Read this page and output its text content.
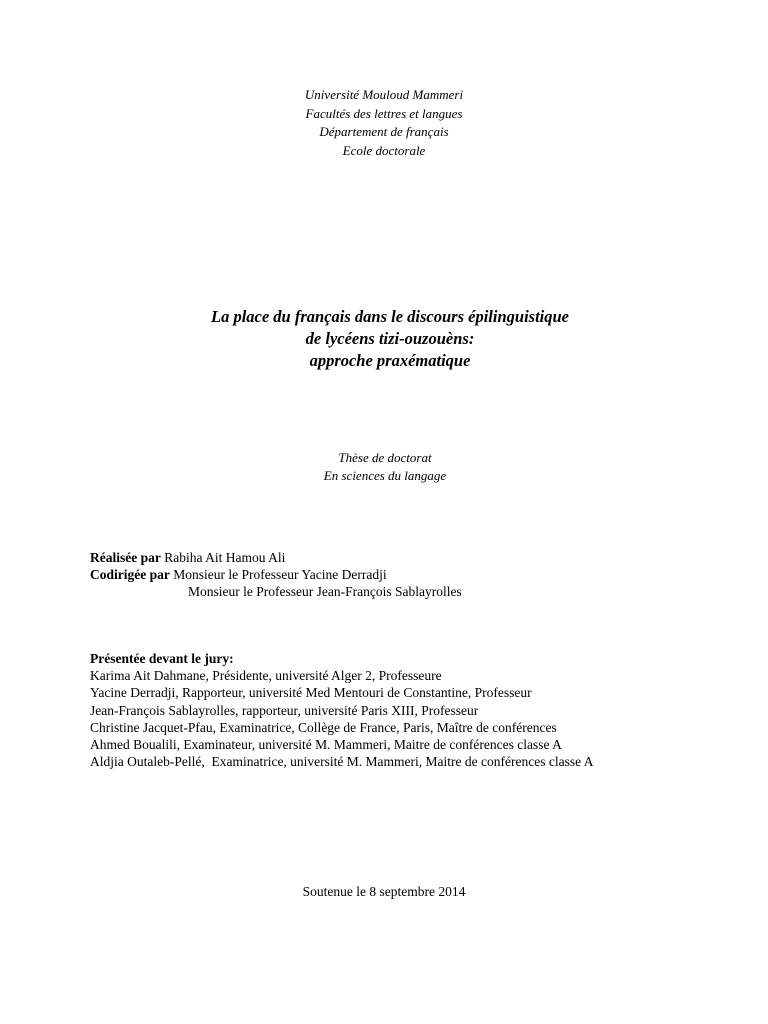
Université Mouloud Mammeri
Facultés des lettres et langues
Département de français
Ecole doctorale
La place du français dans le discours épilinguistique
de lycéens tizi-ouzouèns:
approche praxématique
Thèse de doctorat
En sciences du langage
Réalisée par Rabiha Ait Hamou Ali
Codirigée par Monsieur le Professeur Yacine Derradji
Monsieur le Professeur Jean-François Sablayrolles
Présentée devant le jury:
Karima Ait Dahmane, Présidente, université Alger 2, Professeure
Yacine Derradji, Rapporteur, université Med Mentouri de Constantine, Professeur
Jean-François Sablayrolles, rapporteur, université Paris XIII, Professeur
Christine Jacquet-Pfau, Examinatrice, Collège de France, Paris, Maître de conférences
Ahmed Boualili, Examinateur, université M. Mammeri, Maitre de conférences classe A
Aldjia Outaleb-Pellé,  Examinatrice, université M. Mammeri, Maitre de conférences classe A
Soutenue le 8 septembre 2014
